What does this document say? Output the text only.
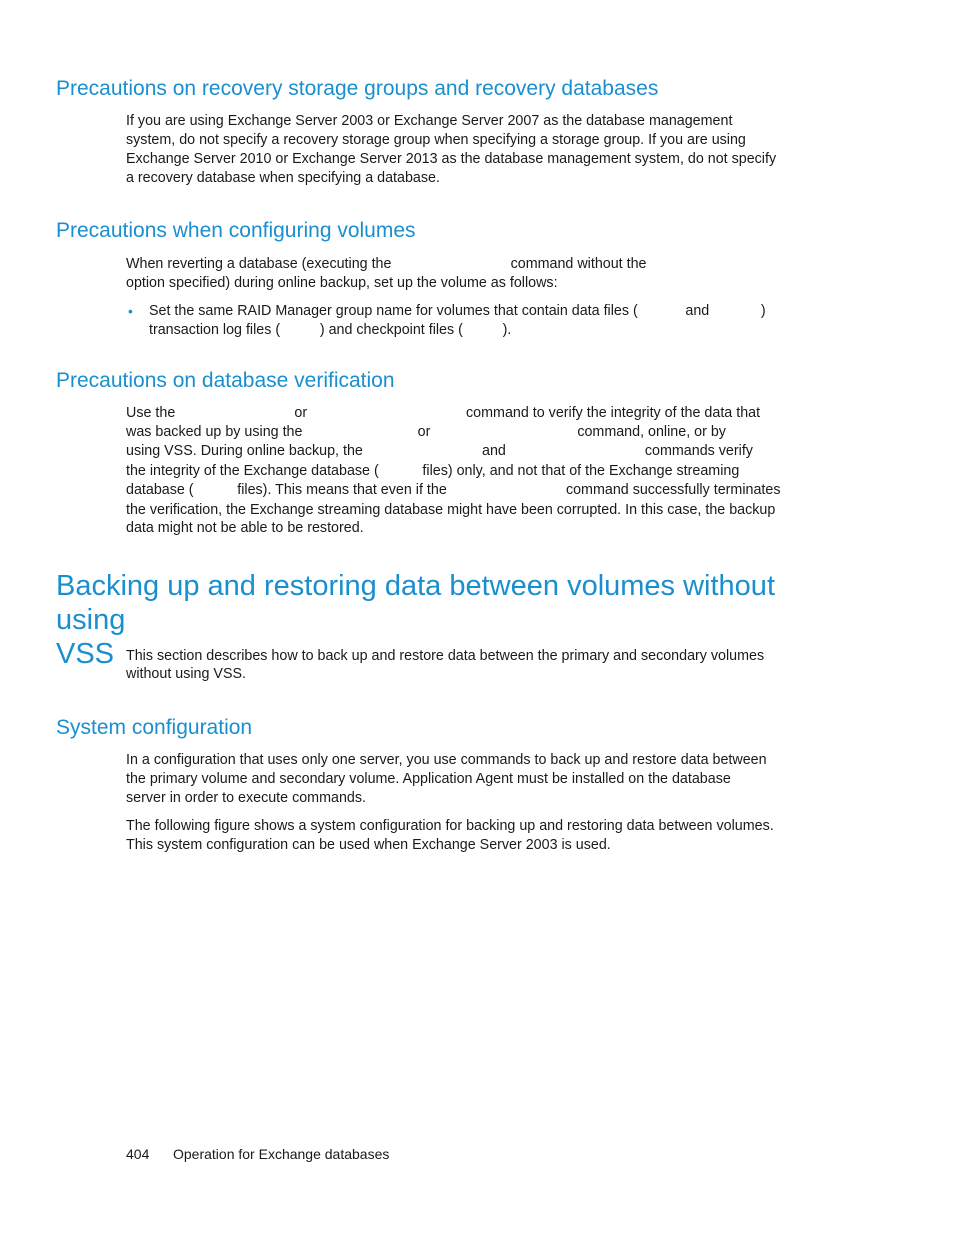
Precautions on recovery storage groups and recovery databases

If you are using Exchange Server 2003 or Exchange Server 2007 as the database management

system, do not specify a recovery storage group when specifying a storage group. If you are using

Exchange Server 2010 or Exchange Server 2013 as the database management system, do not specify

a recovery database when specifying a database.

Precautions when configuring volumes

When reverting a database (executing the                              command without the

option specified) during online backup, set up the volume as follows:

• Set the same RAID Manager group name for volumes that contain data files (            and             )

transaction log files (          ) and checkpoint files (          ).

Precautions on database verification

Use the                              or                                        command to verify the integrity of the data that

was backed up by using the                             or                                     command, online, or by

using VSS. During online backup, the                              and                                   commands verify

the integrity of the Exchange database (           files) only, and not that of the Exchange streaming

database (           files). This means that even if the                              command successfully terminates

the verification, the Exchange streaming database might have been corrupted. In this case, the backup

data might not be able to be restored.

Backing up and restoring data between volumes without using
VSS This section describes how to back up and restore data between the primary and secondary volumes

without using VSS.

System configuration

In a configuration that uses only one server, you use commands to back up and restore data between

the primary volume and secondary volume. Application Agent must be installed on the database

server in order to execute commands.

The following figure shows a system configuration for backing up and restoring data between volumes.

This system configuration can be used when Exchange Server 2003 is used.

404 Operation for Exchange databases
